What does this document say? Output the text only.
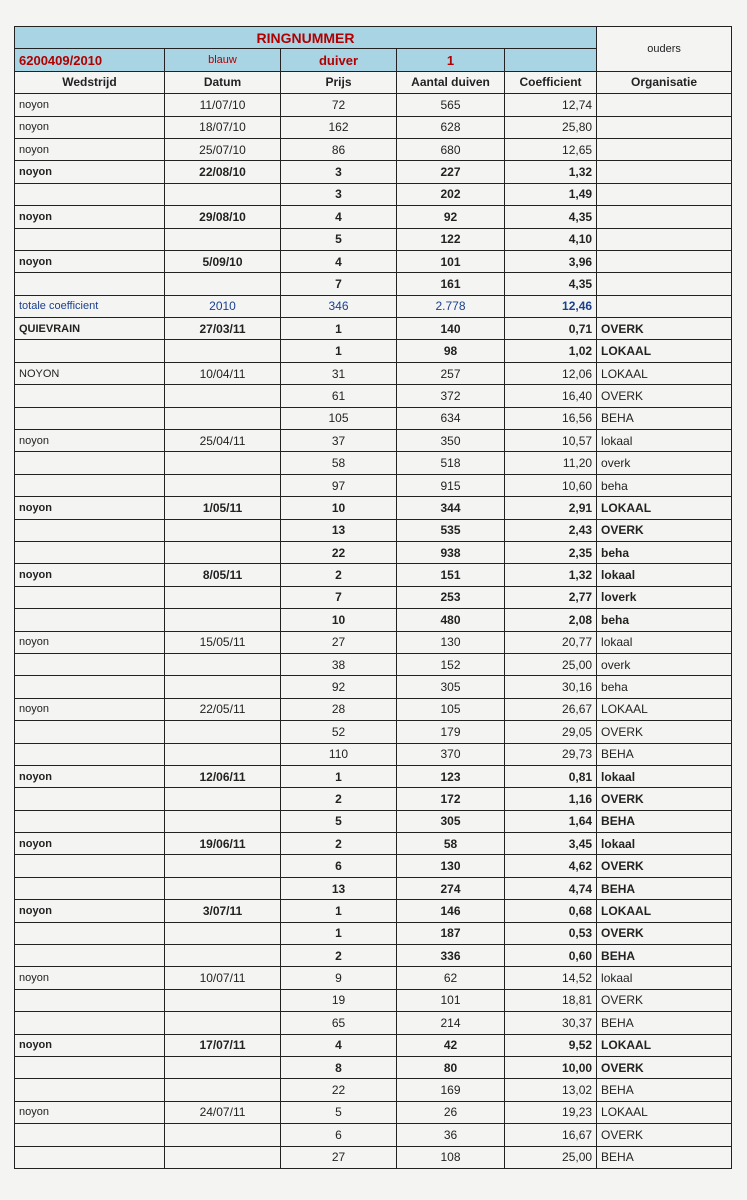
RINGNUMMER					ouders
6200409/2010	blauw	duiver	1		
Wedstrijd	Datum	Prijs	Aantal duiven	Coefficient	Organisatie
noyon	11/07/10	72	565	12,74	
noyon	18/07/10	162	628	25,80	
noyon	25/07/10	86	680	12,65	
noyon	22/08/10	3	227	1,32	
		3	202	1,49	
noyon	29/08/10	4	92	4,35	
		5	122	4,10	
noyon	5/09/10	4	101	3,96	
		7	161	4,35	
totale coefficient	2010	346	2.778	12,46	
QUIEVRAIN	27/03/11	1	140	0,71	OVERK
		1	98	1,02	LOKAAL
NOYON	10/04/11	31	257	12,06	LOKAAL
		61	372	16,40	OVERK
		105	634	16,56	BEHA
noyon	25/04/11	37	350	10,57	lokaal
		58	518	11,20	overk
		97	915	10,60	beha
noyon	1/05/11	10	344	2,91	LOKAAL
		13	535	2,43	OVERK
		22	938	2,35	beha
noyon	8/05/11	2	151	1,32	lokaal
		7	253	2,77	loverk
		10	480	2,08	beha
noyon	15/05/11	27	130	20,77	lokaal
		38	152	25,00	overk
		92	305	30,16	beha
noyon	22/05/11	28	105	26,67	LOKAAL
		52	179	29,05	OVERK
		110	370	29,73	BEHA
noyon	12/06/11	1	123	0,81	lokaal
		2	172	1,16	OVERK
		5	305	1,64	BEHA
noyon	19/06/11	2	58	3,45	lokaal
		6	130	4,62	OVERK
		13	274	4,74	BEHA
noyon	3/07/11	1	146	0,68	LOKAAL
		1	187	0,53	OVERK
		2	336	0,60	BEHA
noyon	10/07/11	9	62	14,52	lokaal
		19	101	18,81	OVERK
		65	214	30,37	BEHA
noyon	17/07/11	4	42	9,52	LOKAAL
		8	80	10,00	OVERK
		22	169	13,02	BEHA
noyon	24/07/11	5	26	19,23	LOKAAL
		6	36	16,67	OVERK
		27	108	25,00	BEHA
